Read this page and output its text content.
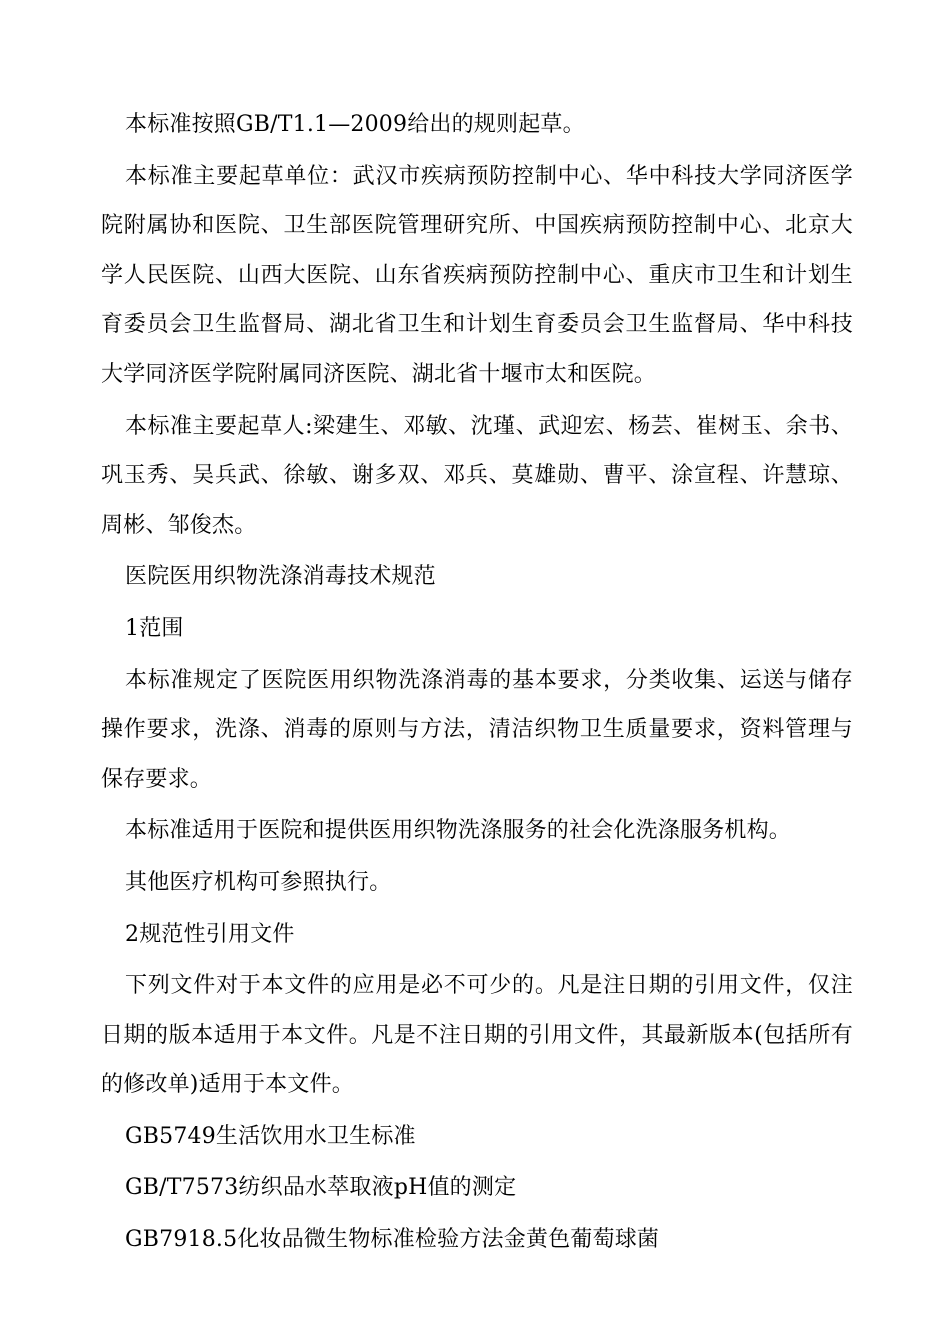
本标准按照GB/T1.1—2009给出的规则起草。

本标准主要起草单位：武汉市疾病预防控制中心、华中科技大学同济医学院附属协和医院、卫生部医院管理研究所、中国疾病预防控制中心、北京大学人民医院、山西大医院、山东省疾病预防控制中心、重庆市卫生和计划生育委员会卫生监督局、湖北省卫生和计划生育委员会卫生监督局、华中科技大学同济医学院附属同济医院、湖北省十堰市太和医院。

本标准主要起草人:梁建生、邓敏、沈瑾、武迎宏、杨芸、崔树玉、余书、巩玉秀、吴兵武、徐敏、谢多双、邓兵、莫雄勋、曹平、涂宣程、许慧琼、周彬、邹俊杰。

医院医用织物洗涤消毒技术规范

1范围

本标准规定了医院医用织物洗涤消毒的基本要求，分类收集、运送与储存操作要求，洗涤、消毒的原则与方法，清洁织物卫生质量要求，资料管理与保存要求。

本标准适用于医院和提供医用织物洗涤服务的社会化洗涤服务机构。

其他医疗机构可参照执行。

2规范性引用文件

下列文件对于本文件的应用是必不可少的。凡是注日期的引用文件，仅注日期的版本适用于本文件。凡是不注日期的引用文件，其最新版本(包括所有的修改单)适用于本文件。

GB5749生活饮用水卫生标准

GB/T7573纺织品水萃取液pH值的测定

GB7918.5化妆品微生物标准检验方法金黄色葡萄球菌
